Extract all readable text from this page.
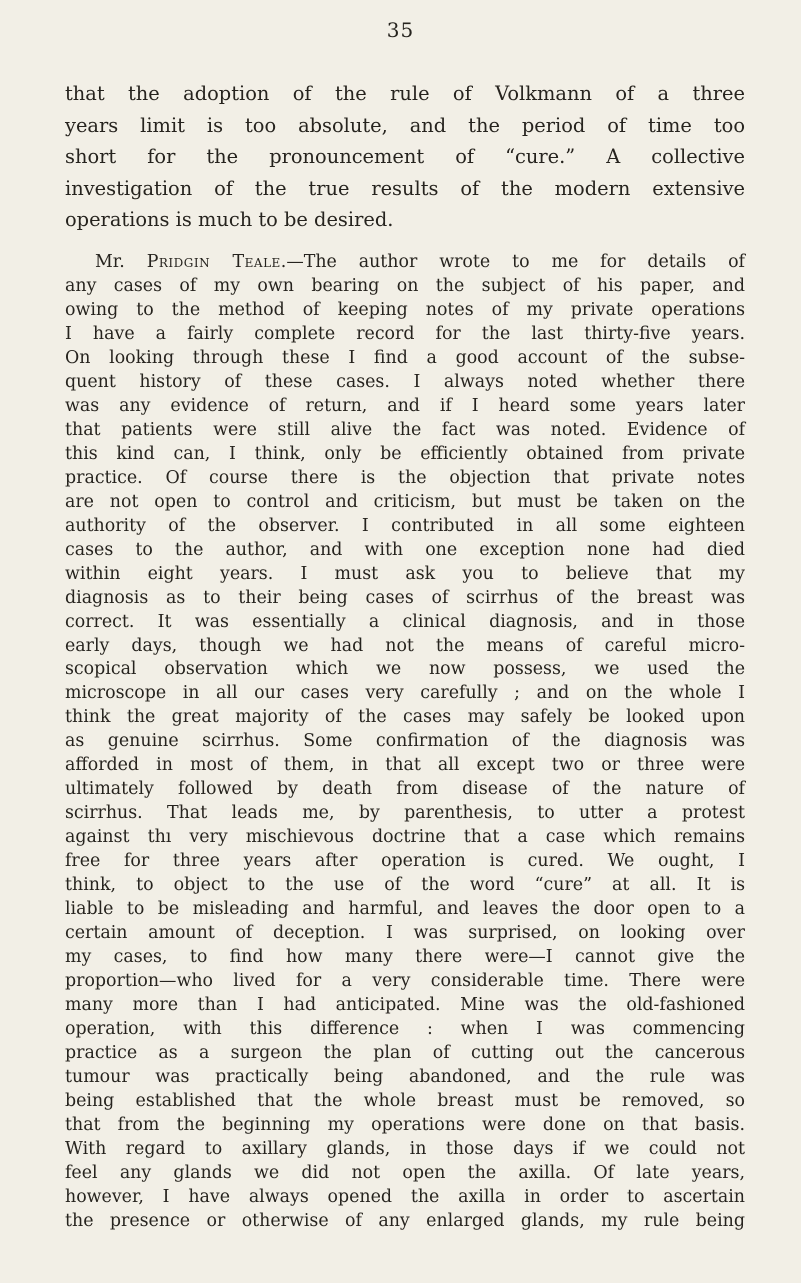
35
that the adoption of the rule of Volkmann of a three
years limit is too absolute, and the period of time too
short for the pronouncement of “cure.” A collective
investigation of the true results of the modern extensive
operations is much to be desired.
Mr. Pridgin Teale.—The author wrote to me for details of
any cases of my own bearing on the subject of his paper, and
owing to the method of keeping notes of my private operations
I have a fairly complete record for the last thirty-five years.
On looking through these I find a good account of the subse-
quent history of these cases. I always noted whether there
was any evidence of return, and if I heard some years later
that patients were still alive the fact was noted. Evidence of
this kind can, I think, only be efficiently obtained from private
practice. Of course there is the objection that private notes
are not open to control and criticism, but must be taken on the
authority of the observer. I contributed in all some eighteen
cases to the author, and with one exception none had died
within eight years. I must ask you to believe that my
diagnosis as to their being cases of scirrhus of the breast was
correct. It was essentially a clinical diagnosis, and in those
early days, though we had not the means of careful micro-
scopical observation which we now possess, we used the
microscope in all our cases very carefully ; and on the whole I
think the great majority of the cases may safely be looked upon
as genuine scirrhus. Some confirmation of the diagnosis was
afforded in most of them, in that all except two or three were
ultimately followed by death from disease of the nature of
scirrhus. That leads me, by parenthesis, to utter a protest
against thı very mischievous doctrine that a case which remains
free for three years after operation is cured. We ought, I
think, to object to the use of the word “cure” at all. It is
liable to be misleading and harmful, and leaves the door open to a
certain amount of deception. I was surprised, on looking over
my cases, to find how many there were—I cannot give the
proportion—who lived for a very considerable time. There were
many more than I had anticipated. Mine was the old-fashioned
operation, with this difference : when I was commencing
practice as a surgeon the plan of cutting out the cancerous
tumour was practically being abandoned, and the rule was
being established that the whole breast must be removed, so
that from the beginning my operations were done on that basis.
With regard to axillary glands, in those days if we could not
feel any glands we did not open the axilla. Of late years,
however, I have always opened the axilla in order to ascertain
the presence or otherwise of any enlarged glands, my rule being
